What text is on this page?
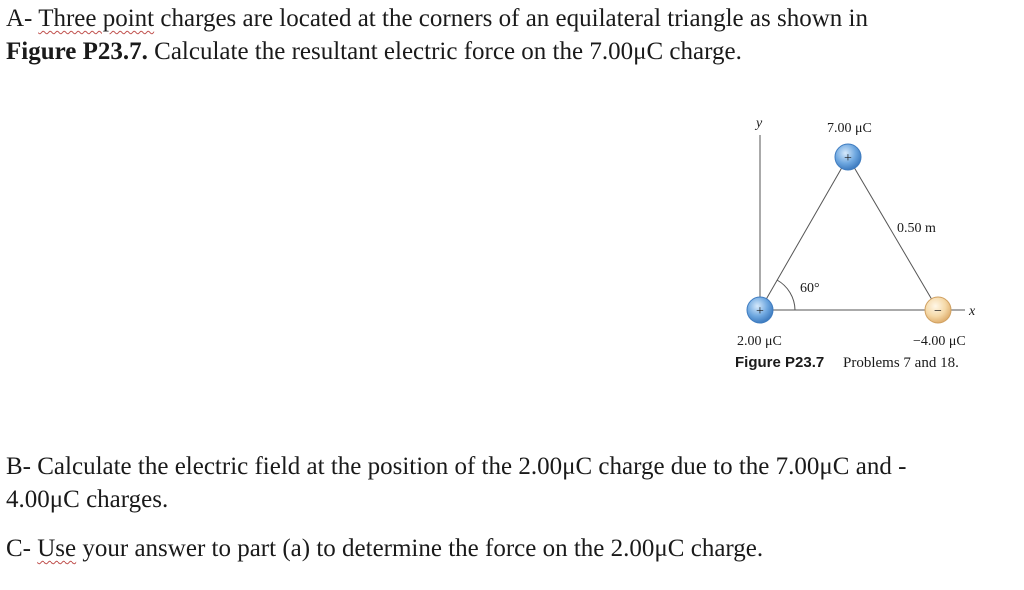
A- Three point charges are located at the corners of an equilateral triangle as shown in
Figure P23.7. Calculate the resultant electric force on the 7.00μC charge.
y
x
60°
0.50 m
+
7.00 μC
+
2.00 μC
−
−4.00 μC
Figure P23.7 Problems 7 and 18.
B- Calculate the electric field at the position of the 2.00μC charge due to the 7.00μC and -
4.00μC charges.
C- Use your answer to part (a) to determine the force on the 2.00μC charge.
